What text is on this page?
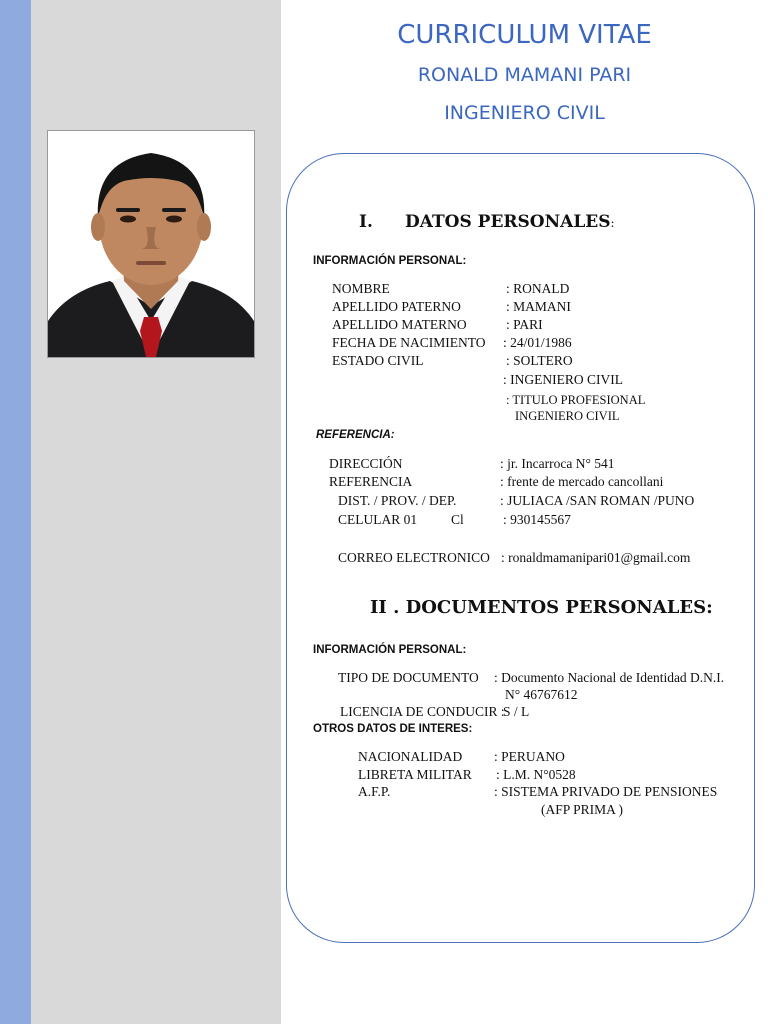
CURRICULUM VITAE
RONALD MAMANI PARI
INGENIERO CIVIL
I. DATOS PERSONALES:
INFORMACIÓN PERSONAL:
NOMBRE	: RONALD
APELLIDO PATERNO	: MAMANI
APELLIDO MATERNO	: PARI
FECHA DE NACIMIENTO : 24/01/1986
ESTADO CIVIL	: SOLTERO
: INGENIERO CIVIL
: TITULO PROFESIONAL
INGENIERO CIVIL
REFERENCIA:
DIRECCIÓN	: jr. Incarroca N° 541
REFERENCIA	: frente de mercado cancollani
DIST. / PROV. / DEP.	: JULIACA /SAN ROMAN /PUNO
CELULAR 01	Cl	: 930145567
CORREO ELECTRONICO : ronaldmamanipari01@gmail.com
II . DOCUMENTOS PERSONALES:
INFORMACIÓN PERSONAL:
TIPO DE DOCUMENTO : Documento Nacional de Identidad D.N.I.
N° 46767612
LICENCIA DE CONDUCIR :
S / L
OTROS DATOS DE INTERES:
NACIONALIDAD : PERUANO
LIBRETA MILITAR : L.M. N°0528
A.F.P.	: SISTEMA PRIVADO DE PENSIONES
(AFP PRIMA )
